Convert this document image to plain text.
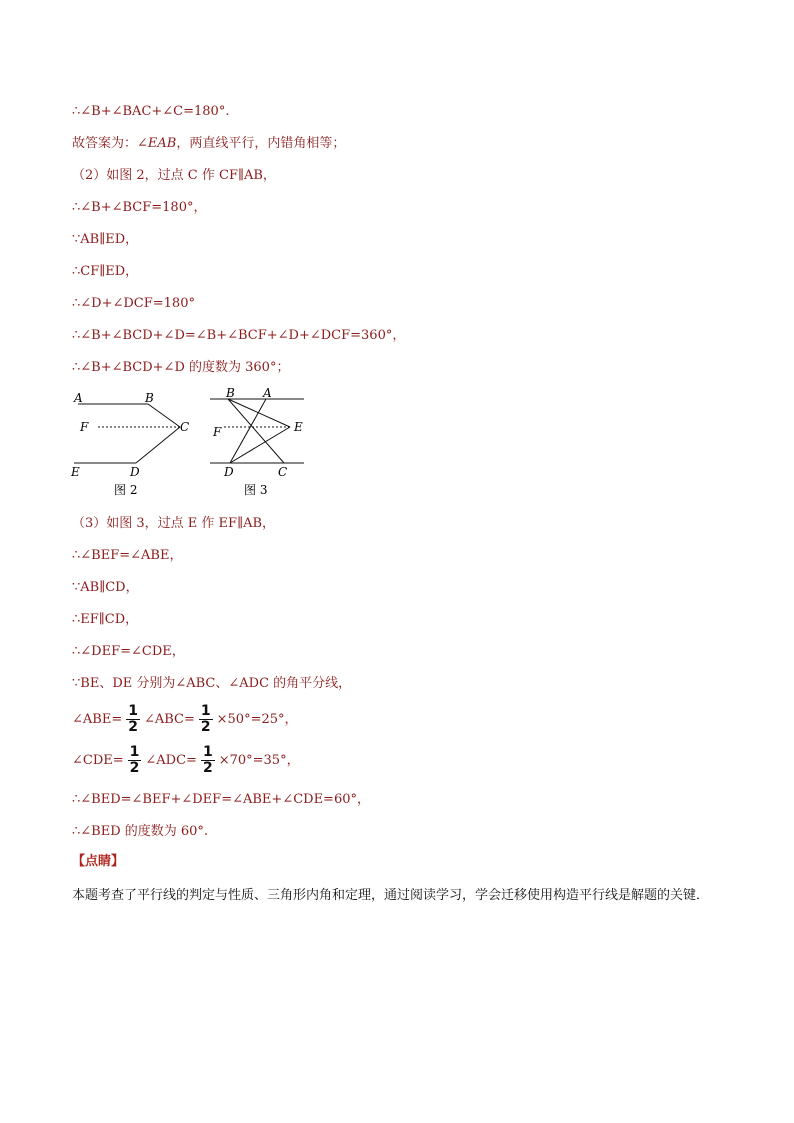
∴∠B+∠BAC+∠C=180°.
故答案为：∠EAB，两直线平行，内错角相等；
（2）如图 2，过点 C 作 CF∥AB，
∴∠B+∠BCF=180°，
∵AB∥ED，
∴CF∥ED，
∴∠D+∠DCF=180°
∴∠B+∠BCD+∠D=∠B+∠BCF+∠D+∠DCF=360°，
∴∠B+∠BCD+∠D 的度数为 360°；
A	B
C
D
E
F
图 2
B A
E
F
D	C
图 3
（3）如图 3，过点 E 作 EF∥AB，
∴∠BEF=∠ABE，
∵AB∥CD，
∴EF∥CD，
∴∠DEF=∠CDE，
∵BE、DE 分别为∠ABC、∠ADC 的角平分线，
∠ABE= $\frac{1}{2}$ ∠ABC= $\frac{1}{2} \times 50^\circ=25^\circ$，
∠CDE= $\frac{1}{2}$ ∠ADC= $\frac{1}{2} \times 70^\circ=35^\circ$，
∴∠BED=∠BEF+∠DEF=∠ABE+∠CDE=60°，
∴∠BED 的度数为 60°.
【点睛】
本题考查了平行线的判定与性质、三角形内角和定理，通过阅读学习，学会迁移使用构造平行线是解题的关键．
